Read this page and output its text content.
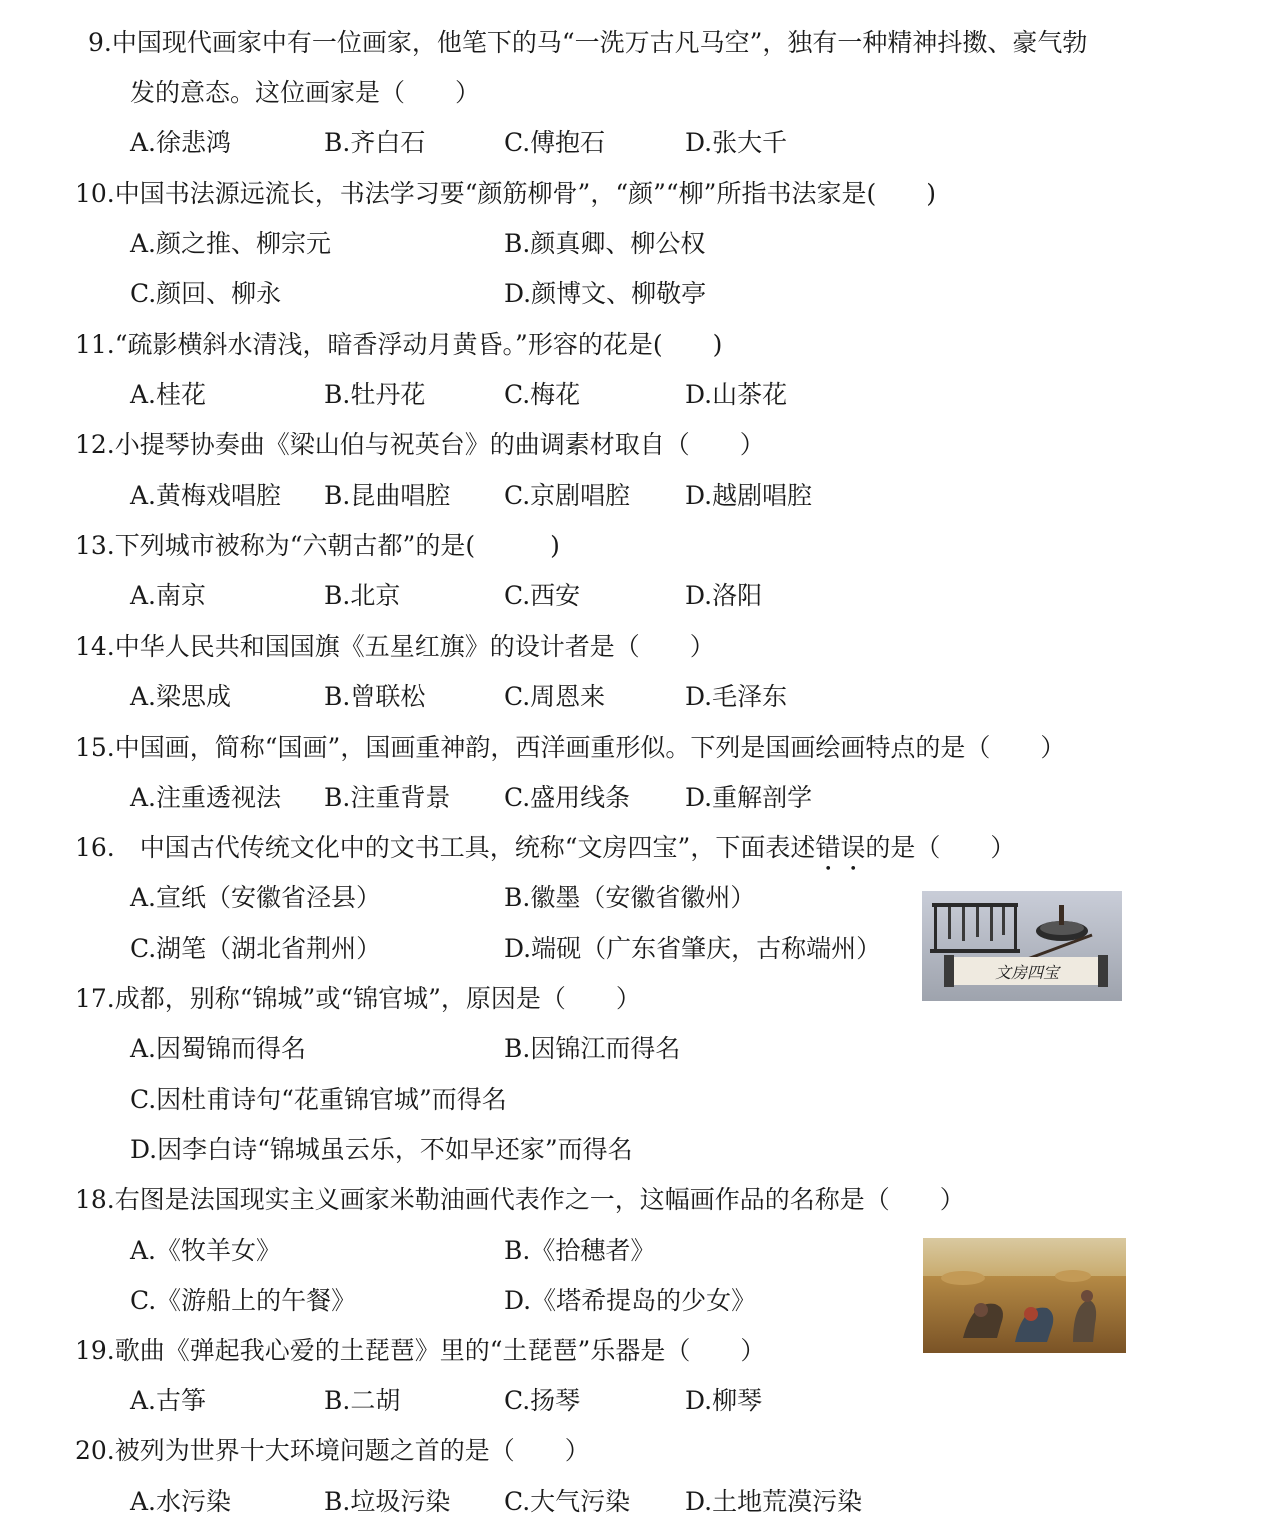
9.中国现代画家中有一位画家，他笔下的马“一洗万古凡马空”，独有一种精神抖擞、豪气勃
发的意态。这位画家是（　　）
A.徐悲鸿	B.齐白石	C.傅抱石	D.张大千
10.中国书法源远流长，书法学习要“颜筋柳骨”，“颜”“柳”所指书法家是(　　)
A.颜之推、柳宗元	B.颜真卿、柳公权
C.颜回、柳永	D.颜博文、柳敬亭
11.“疏影横斜水清浅，暗香浮动月黄昏。”形容的花是(　　)
A.桂花	B.牡丹花	C.梅花	D.山茶花
12.小提琴协奏曲《梁山伯与祝英台》的曲调素材取自（　　）
A.黄梅戏唱腔 B.昆曲唱腔 C.京剧唱腔 D.越剧唱腔
13.下列城市被称为“六朝古都”的是(　　　)
A.南京	B.北京	C.西安	D.洛阳
14.中华人民共和国国旗《五星红旗》的设计者是（　　）
A.梁思成	B.曾联松	C.周恩来	D.毛泽东
15.中国画，简称“国画”，国画重神韵，西洋画重形似。下列是国画绘画特点的是（　　）
A.注重透视法 B.注重背景 C.盛用线条 D.重解剖学
16.　中国古代传统文化中的文书工具，统称“文房四宝”，下面表述错误的是（　　）
A.宣纸（安徽省泾县）	B.徽墨（安徽省徽州）
C.湖笔（湖北省荆州）	D.端砚（广东省肇庆，古称端州）
文房四宝
17.成都，别称“锦城”或“锦官城”，原因是（　　）
A.因蜀锦而得名	B.因锦江而得名
C.因杜甫诗句“花重锦官城”而得名
D.因李白诗“锦城虽云乐，不如早还家”而得名
18.右图是法国现实主义画家米勒油画代表作之一，这幅画作品的名称是（　　）
A.《牧羊女》	B.《拾穗者》
C.《游船上的午餐》	D.《塔希提岛的少女》
19.歌曲《弹起我心爱的土琵琶》里的“土琵琶”乐器是（　　）
A.古筝	B.二胡	C.扬琴	D.柳琴
20.被列为世界十大环境问题之首的是（　　）
A.水污染	B.垃圾污染 C.大气污染 D.土地荒漠污染
